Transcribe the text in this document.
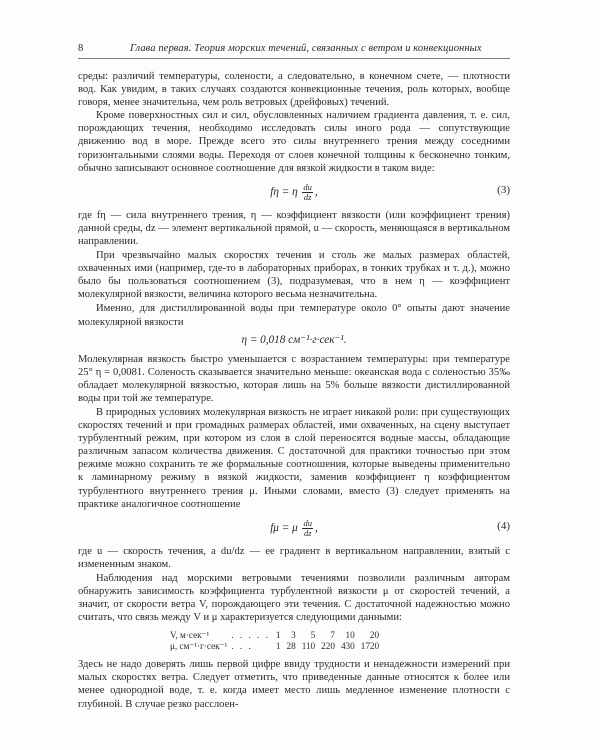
8	Глава первая. Теория морских течений, связанных с ветром и конвекционных

среды: различий температуры, солености, а следовательно, в конечном счете, — плотности вод. Как увидим, в таких случаях создаются конвекционные течения, роль которых, вообще говоря, менее значительна, чем роль ветровых (дрейфовых) течений.

Кроме поверхностных сил и сил, обусловленных наличием градиента давления, т. е. сил, порождающих течения, необходимо исследовать силы иного рода — сопутствующие движению вод в море. Прежде всего это силы внутреннего трения между соседними горизонтальными слоями воды. Переходя от слоев конечной толщины к бесконечно тонким, обычно записывают основное соотношение для вязкой жидкости в таком виде:

fη = η $\frac{du}{dz}$ ,	(3)

где fη — сила внутреннего трения, η — коэффициент вязкости (или коэффициент трения) данной среды, dz — элемент вертикальной прямой, u — скорость, меняющаяся в вертикальном направлении.

При чрезвычайно малых скоростях течения и столь же малых размерах областей, охваченных ими (например, где-то в лабораторных приборах, в тонких трубках и т. д.), можно было бы пользоваться соотношением (3), подразумевая, что в нем η — коэффициент молекулярной вязкости, величина которого весьма незначительна.

Именно, для дистиллированной воды при температуре около 0° опыты дают значение молекулярной вязкости

η = 0,018 см⁻¹·г·сек⁻¹.

Молекулярная вязкость быстро уменьшается с возрастанием температуры: при температуре 25° η = 0,0081. Соленость сказывается значительно меньше: океанская вода с соленостью 35‰ обладает молекулярной вязкостью, которая лишь на 5% больше вязкости дистиллированной воды при той же температуре.

В природных условиях молекулярная вязкость не играет никакой роли: при существующих скоростях течений и при громадных размерах областей, ими охваченных, на сцену выступает турбулентный режим, при котором из слоя в слой переносятся водные массы, обладающие различным запасом количества движения. С достаточной для практики точностью при этом режиме можно сохранить те же формальные соотношения, которые выведены применительно к ламинарному режиму в вязкой жидкости, заменив коэффициент η коэффициентом турбулентного внутреннего трения μ. Иными словами, вместо (3) следует применять на практике аналогичное соотношение

fμ = μ $\frac{du}{dz}$ ,	(4)

где u — скорость течения, а du/dz — ее градиент в вертикальном направлении, взятый с измененным знаком.

Наблюдения над морскими ветровыми течениями позволили различным авторам обнаружить зависимость коэффициента турбулентной вязкости μ от скоростей течений, а значит, от скорости ветра V, порождающего эти течения. С достаточной надежностью можно считать, что связь между V и μ характеризуется следующими данными:

V, м·сек⁻¹	. . . . .	1	3	5	7	10	20
μ, см⁻¹·г·сек⁻¹	. . .	1	28	110	220	430	1720

Здесь не надо доверять лишь первой цифре ввиду трудности и ненадежности измерений при малых скоростях ветра. Следует отметить, что приведенные данные относятся к более или менее однородной воде, т. е. когда имеет место лишь медленное изменение плотности с глубиной. В случае резко расслоен-
